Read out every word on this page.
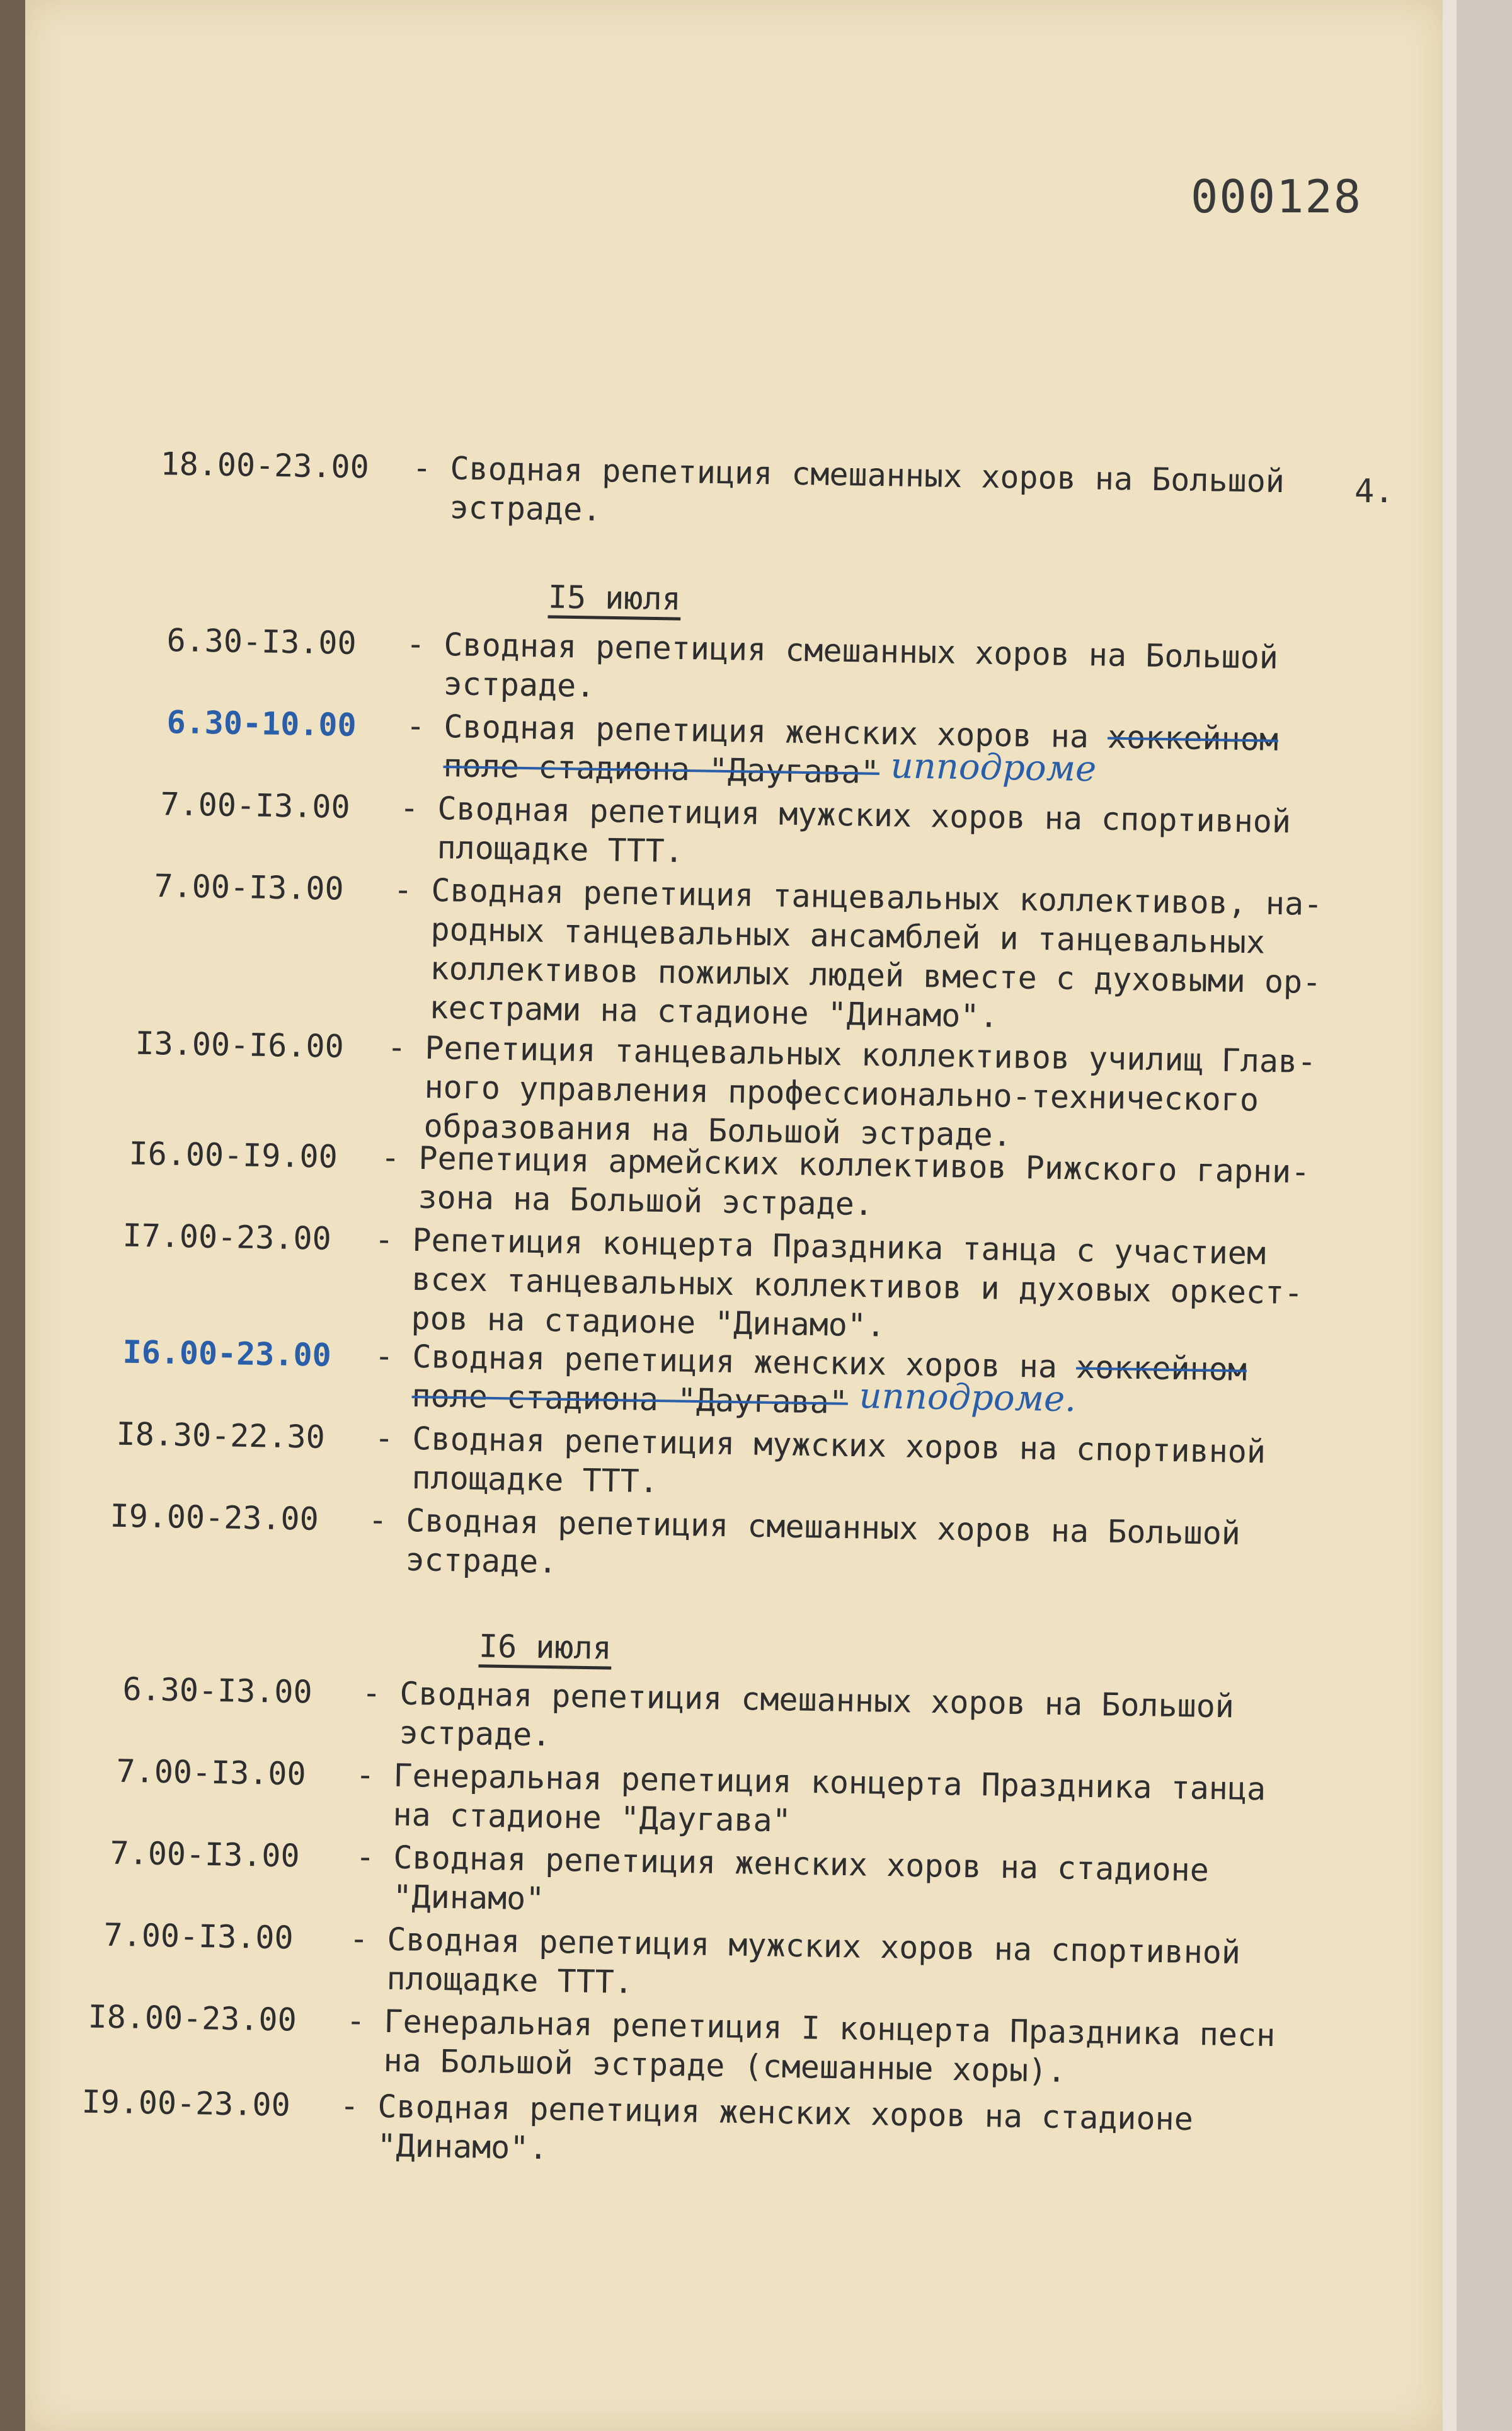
000128
4.
18.00-23.00 - Сводная репетиция смешанных хоров на Большой
эстраде.
I5 июля
6.30-I3.00 - Сводная репетиция смешанных хоров на Большой
эстраде.
6.30-10.00 - Сводная репетиция женских хоров на хоккейном
поле стадиона "Даугава" ипподроме
7.00-I3.00 - Сводная репетиция мужских хоров на спортивной
площадке ТТТ.
7.00-I3.00 - Сводная репетиция танцевальных коллективов, на-
родных танцевальных ансамблей и танцевальных
коллективов пожилых людей вместе с духовыми ор-
кестрами на стадионе "Динамо".
I3.00-I6.00 - Репетиция танцевальных коллективов училищ Глав-
ного управления профессионально-технического
образования на Большой эстраде.
I6.00-I9.00 - Репетиция армейских коллективов Рижского гарни-
зона на Большой эстраде.
I7.00-23.00 - Репетиция концерта Праздника танца с участием
всех танцевальных коллективов и духовых оркест-
ров на стадионе "Динамо".
I6.00-23.00 - Сводная репетиция женских хоров на хоккейном
поле стадиона "Даугава" ипподроме.
I8.30-22.30 - Сводная репетиция мужских хоров на спортивной
площадке ТТТ.
I9.00-23.00 - Сводная репетиция смешанных хоров на Большой
эстраде.
I6 июля
6.30-I3.00 - Сводная репетиция смешанных хоров на Большой
эстраде.
7.00-I3.00 - Генеральная репетиция концерта Праздника танца
на стадионе "Даугава"
7.00-I3.00 - Сводная репетиция женских хоров на стадионе
"Динамо"
7.00-I3.00 - Сводная репетиция мужских хоров на спортивной
площадке ТТТ.
I8.00-23.00 - Генеральная репетиция I концерта Праздника песн
на Большой эстраде (смешанные хоры).
I9.00-23.00 - Сводная репетиция женских хоров на стадионе
"Динамо".
